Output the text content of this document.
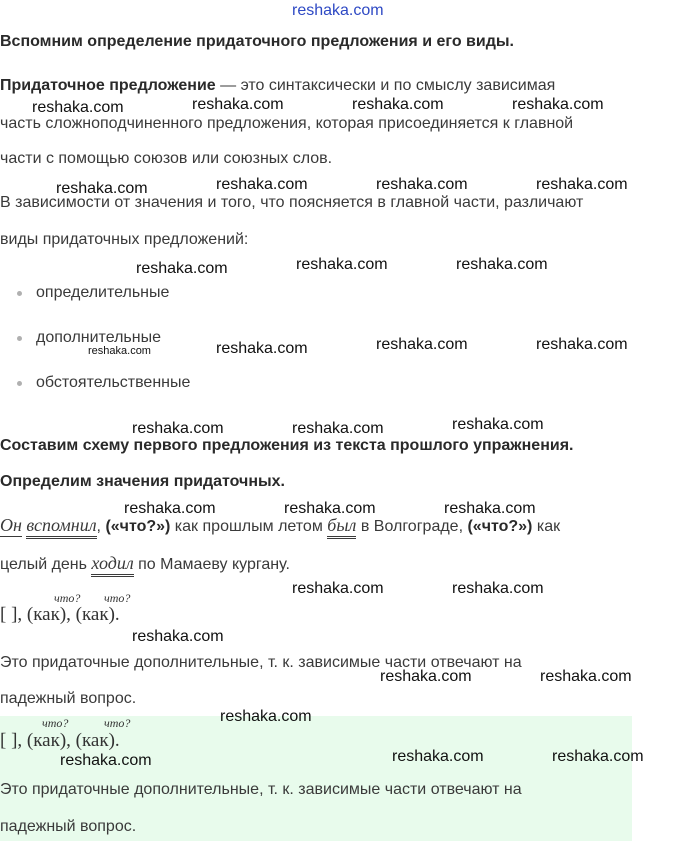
reshaka.com
Вспомним определение придаточного предложения и его виды.
Придаточное предложение — это синтаксически и по смыслу зависимая
часть сложноподчиненного предложения, которая присоединяется к главной
части с помощью союзов или союзных слов.
В зависимости от значения и того, что поясняется в главной части, различают
виды придаточных предложений:
определительные
дополнительные
обстоятельственные
Составим схему первого предложения из текста прошлого упражнения.
Определим значения придаточных.
Он вспомнил, («что?») как прошлым летом был в Волгограде, («что?») как
целый день ходил по Мамаеву кургану.
что? что?
[ ], (как), (как).
Это придаточные дополнительные, т. к. зависимые части отвечают на
падежный вопрос.
что?	что?
[ ], (как), (как).
Это придаточные дополнительные, т. к. зависимые части отвечают на
падежный вопрос.
reshaka.com	reshaka.com	reshaka.com	reshaka.com
reshaka.com	reshaka.com	reshaka.com	reshaka.com
reshaka.com	reshaka.com	reshaka.com
reshaka.com	reshaka.com	reshaka.com	reshaka.com
reshaka.com	reshaka.com	reshaka.com
reshaka.com	reshaka.com	reshaka.com
reshaka.com	reshaka.com
reshaka.com
reshaka.com	reshaka.com
reshaka.com
reshaka.com	reshaka.com
reshaka.com
